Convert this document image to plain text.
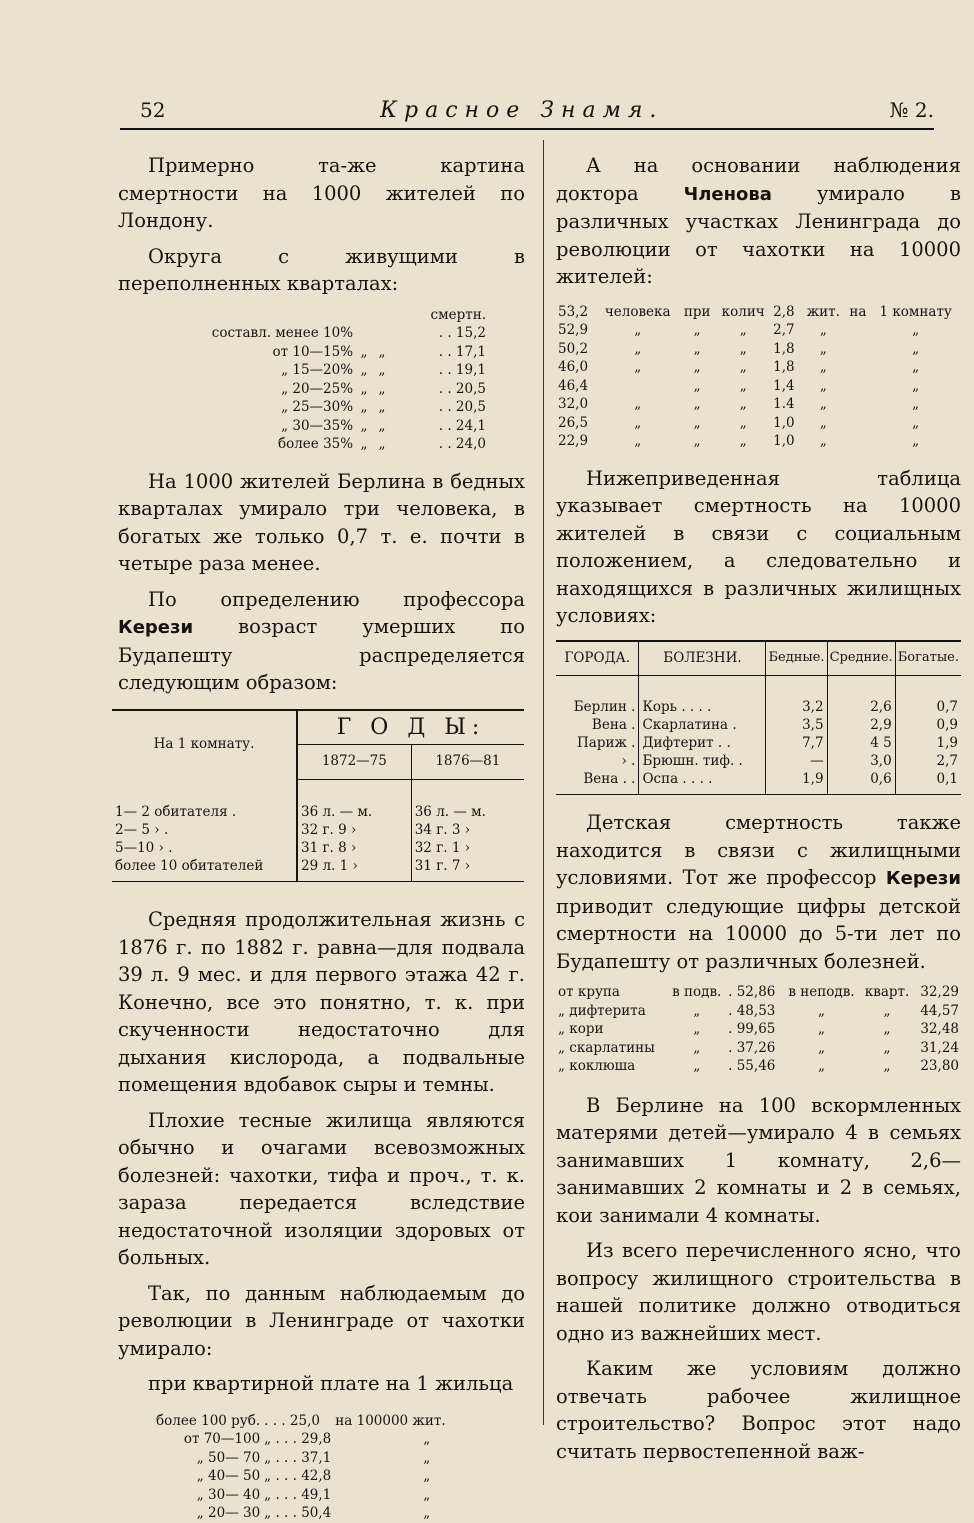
52	Красное Знамя.	№ 2.

Примерно та-же картина смертности на 1000 жителей по Лондону.

Округа с живущими в переполненных кварталах:

			смертн.
составл. менее 10%			. . 15,2
от 10—15%	„	„	. . 17,1
„ 15—20%	„	„	. . 19,1
„ 20—25%	„	„	. . 20,5
„ 25—30%	„	„	. . 20,5
„ 30—35%	„	„	. . 24,1
более 35%	„	„	. . 24,0

На 1000 жителей Берлина в бедных кварталах умирало три человека, в богатых же только 0,7 т. е. почти в четыре раза менее.

По определению профессора Керези возраст умерших по Будапешту распределяется следующим образом:

На 1 комнату.	Г О Д Ы:	
	1872—75	1876—81

1— 2 обитателя .	36 л. — м.	36 л. — м.
2— 5 › .	32 г. 9 ›	34 г. 3 ›
5—10 › .	31 г. 8 ›	32 г. 1 ›
более 10 обитателей	29 л. 1 ›	31 г. 7 ›

Средняя продолжительная жизнь с 1876 г. по 1882 г. равна—для подвала 39 л. 9 мес. и для первого этажа 42 г. Конечно, все это понятно, т. к. при скученности недостаточно для дыхания кислорода, а подвальные помещения вдобавок сыры и темны.

Плохие тесные жилища являются обычно и очагами всевозможных болезней: чахотки, тифа и проч., т. к. зараза передается вследствие недостаточной изоляции здоровых от больных.

Так, по данным наблюдаемым до революции в Ленинграде от чахотки умирало:

при квартирной плате на 1 жильца

более 100 руб.	. . . 25,0	на 100000 жит.
от 70—100	„ . . . 29,8	„
„ 50— 70	„ . . . 37,1	„
„ 40— 50	„ . . . 42,8	„
„ 30— 40	„ . . . 49,1	„
„ 20— 30	„ . . . 50,4	„

А на основании наблюдения доктора Членова умирало в различных участках Ленинграда до революции от чахотки на 10000 жителей:

53,2	человека	при	колич	2,8	жит.	на	1 комнату
52,9	„	„	„	2,7	„		„
50,2	„	„	„	1,8	„		„
46,0	„	„	„	1,8	„		„
46,4		„	„	1,4	„		„
32,0	„	„	„	1.4	„		„
26,5	„	„	„	1,0	„		„
22,9	„	„	„	1,0	„		„

Нижеприведенная таблица указывает смертность на 10000 жителей в связи с социальным положением, а следовательно и находящихся в различных жилищных условиях:

ГОРОДА.	БОЛЕЗНИ.	Бедные.	Средние.	Богатые.

Берлин .	Корь . . . .	3,2	2,6	0,7
Вена .	Скарлатина .	3,5	2,9	0,9
Париж .	Дифтерит . .	7,7	4 5	1,9
› .	Брюшн. тиф. .	—	3,0	2,7
Вена . .	Оспа . . . .	1,9	0,6	0,1

Детская смертность также находится в связи с жилищными условиями. Тот же профессор Керези приводит следующие цифры детской смертности на 10000 до 5-ти лет по Будапешту от различных болезней.

от крупа	в подв.	. 52,86	в неподв.	кварт.	32,29
„ дифтерита	„	. 48,53	„	„	44,57
„ кори	„	. 99,65	„	„	32,48
„ скарлатины	„	. 37,26	„	„	31,24
„ коклюша	„	. 55,46	„	„	23,80

В Берлине на 100 вскормленных матерями детей—умирало 4 в семьях занимавших 1 комнату, 2,6—занимавших 2 комнаты и 2 в семьях, кои занимали 4 комнаты.

Из всего перечисленного ясно, что вопросу жилищного строительства в нашей политике должно отводиться одно из важнейших мест.

Каким же условиям должно отвечать рабочее жилищное строительство? Вопрос этот надо считать первостепенной важ-
